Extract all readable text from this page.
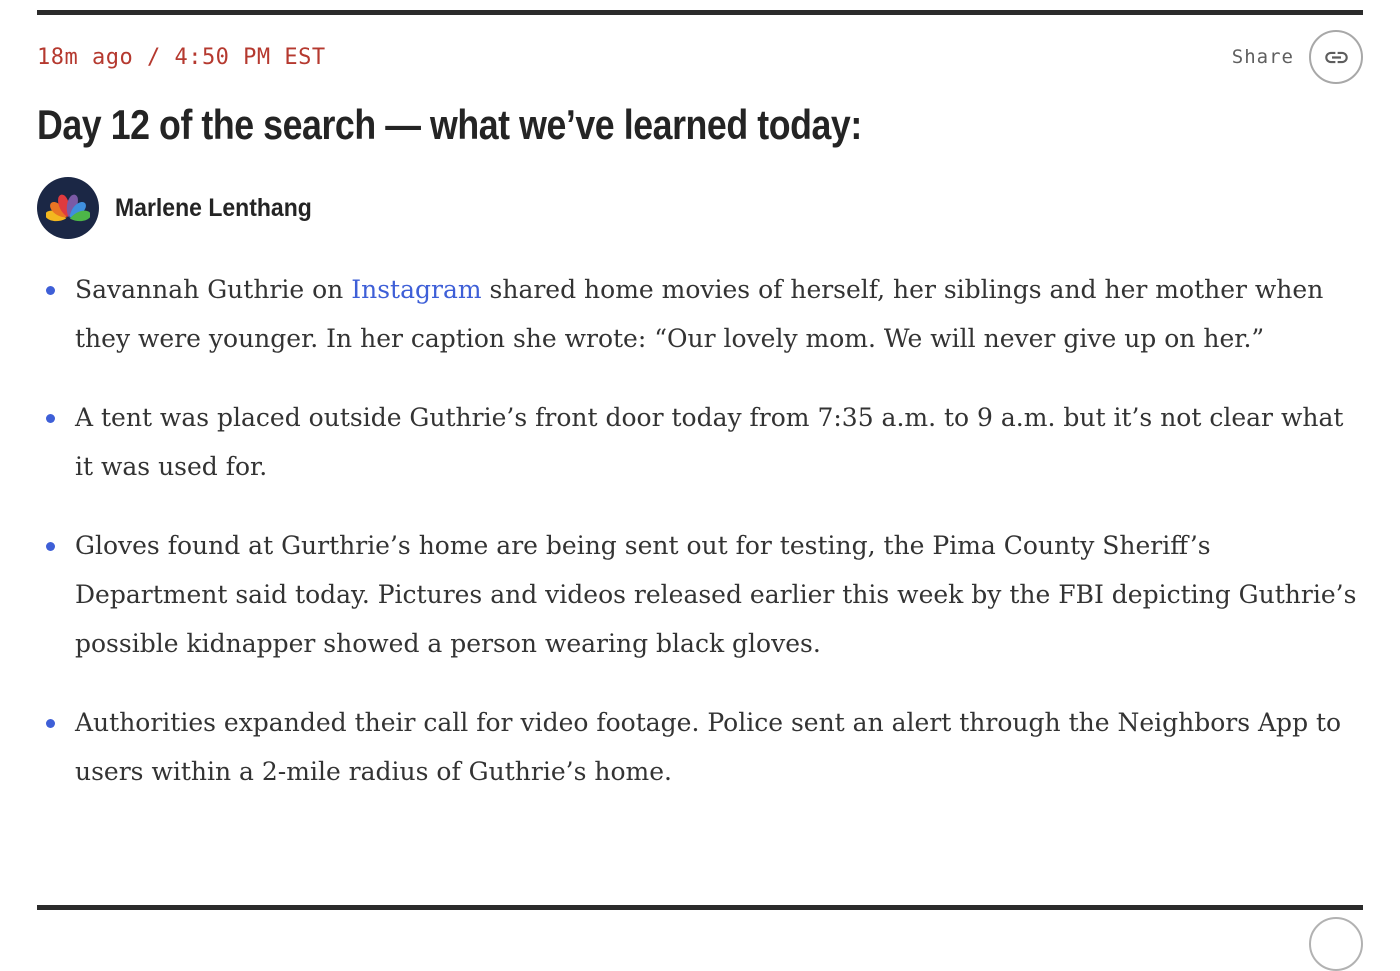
18m ago / 4:50 PM EST	Share
Day 12 of the search — what we’ve learned today:
Marlene Lenthang
Savannah Guthrie on Instagram shared home movies of herself, her siblings and her mother when they were younger. In her caption she wrote: “Our lovely mom. We will never give up on her.”
A tent was placed outside Guthrie’s front door today from 7:35 a.m. to 9 a.m. but it’s not clear what it was used for.
Gloves found at Gurthrie’s home are being sent out for testing, the Pima County Sheriff’s Department said today. Pictures and videos released earlier this week by the FBI depicting Guthrie’s possible kidnapper showed a person wearing black gloves.
Authorities expanded their call for video footage. Police sent an alert through the Neighbors App to users within a 2-mile radius of Guthrie’s home.
